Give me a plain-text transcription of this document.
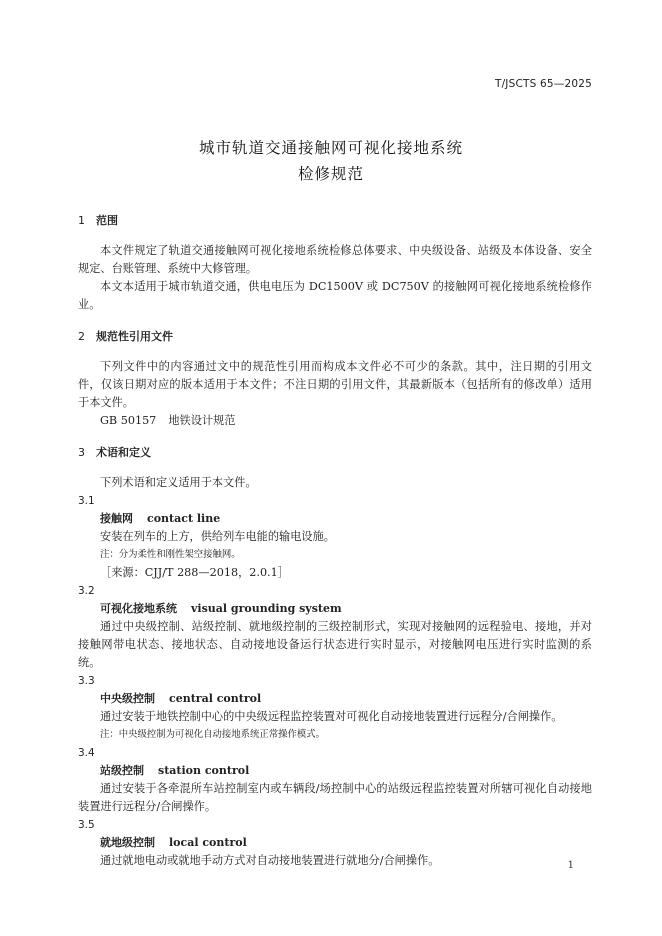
T/JSCTS 65—2025
城市轨道交通接触网可视化接地系统
检修规范

1 范围

本文件规定了轨道交通接触网可视化接地系统检修总体要求、中央级设备、站级及本体设备、安全规定、台账管理、系统中大修管理。

本文本适用于城市轨道交通，供电电压为 DC1500V 或 DC750V 的接触网可视化接地系统检修作业。

2 规范性引用文件

下列文件中的内容通过文中的规范性引用而构成本文件必不可少的条款。其中，注日期的引用文件，仅该日期对应的版本适用于本文件；不注日期的引用文件，其最新版本（包括所有的修改单）适用于本文件。

GB 50157 地铁设计规范

3 术语和定义

下列术语和定义适用于本文件。

3.1

接触网 contact line

安装在列车的上方，供给列车电能的输电设施。

注：分为柔性和刚性架空接触网。

［来源：CJJ/T 288—2018，2.0.1］

3.2

可视化接地系统 visual grounding system

通过中央级控制、站级控制、就地级控制的三级控制形式，实现对接触网的远程验电、接地，并对接触网带电状态、接地状态、自动接地设备运行状态进行实时显示，对接触网电压进行实时监测的系统。

3.3

中央级控制 central control

通过安装于地铁控制中心的中央级远程监控装置对可视化自动接地装置进行远程分/合闸操作。

注：中央级控制为可视化自动接地系统正常操作模式。

3.4

站级控制 station control

通过安装于各牵混所车站控制室内或车辆段/场控制中心的站级远程监控装置对所辖可视化自动接地装置进行远程分/合闸操作。

3.5

就地级控制 local control

通过就地电动或就地手动方式对自动接地装置进行就地分/合闸操作。	1
